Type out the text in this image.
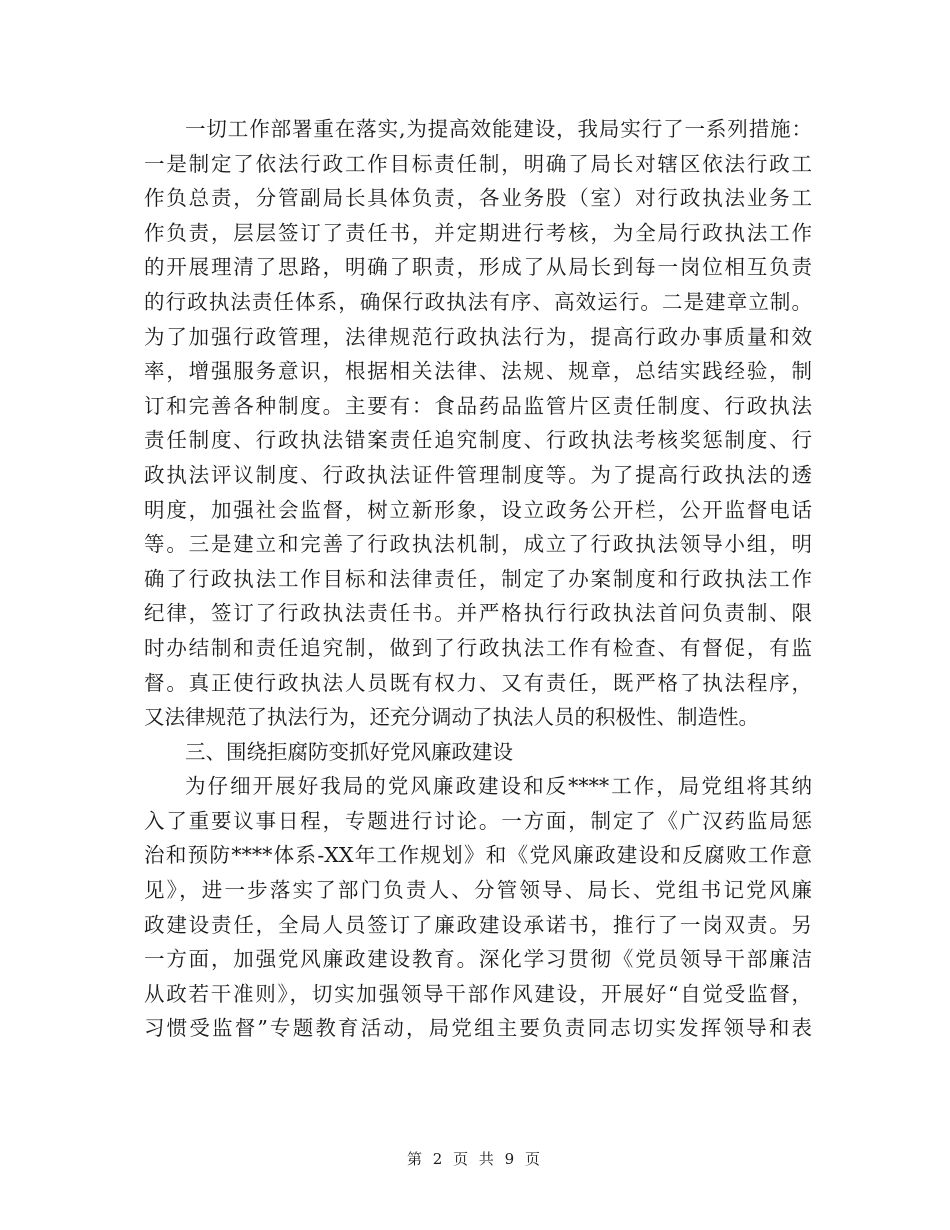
一切工作部署重在落实,为提高效能建设，我局实行了一系列措施：
一是制定了依法行政工作目标责任制，明确了局长对辖区依法行政工
作负总责，分管副局长具体负责，各业务股（室）对行政执法业务工
作负责，层层签订了责任书，并定期进行考核，为全局行政执法工作
的开展理清了思路，明确了职责，形成了从局长到每一岗位相互负责
的行政执法责任体系，确保行政执法有序、高效运行。二是建章立制。
为了加强行政管理，法律规范行政执法行为，提高行政办事质量和效
率，增强服务意识，根据相关法律、法规、规章，总结实践经验，制
订和完善各种制度。主要有：食品药品监管片区责任制度、行政执法
责任制度、行政执法错案责任追究制度、行政执法考核奖惩制度、行
政执法评议制度、行政执法证件管理制度等。为了提高行政执法的透
明度，加强社会监督，树立新形象，设立政务公开栏，公开监督电话
等。三是建立和完善了行政执法机制，成立了行政执法领导小组，明
确了行政执法工作目标和法律责任，制定了办案制度和行政执法工作
纪律，签订了行政执法责任书。并严格执行行政执法首问负责制、限
时办结制和责任追究制，做到了行政执法工作有检查、有督促，有监
督。真正使行政执法人员既有权力、又有责任，既严格了执法程序，
又法律规范了执法行为，还充分调动了执法人员的积极性、制造性。
三、围绕拒腐防变抓好党风廉政建设
为仔细开展好我局的党风廉政建设和反****工作，局党组将其纳
入了重要议事日程，专题进行讨论。一方面，制定了《广汉药监局惩
治和预防****体系-XX年工作规划》和《党风廉政建设和反腐败工作意
见》，进一步落实了部门负责人、分管领导、局长、党组书记党风廉
政建设责任，全局人员签订了廉政建设承诺书，推行了一岗双责。另
一方面，加强党风廉政建设教育。深化学习贯彻《党员领导干部廉洁
从政若干准则》，切实加强领导干部作风建设，开展好“自觉受监督，
习惯受监督”专题教育活动，局党组主要负责同志切实发挥领导和表
第 2 页 共 9 页
